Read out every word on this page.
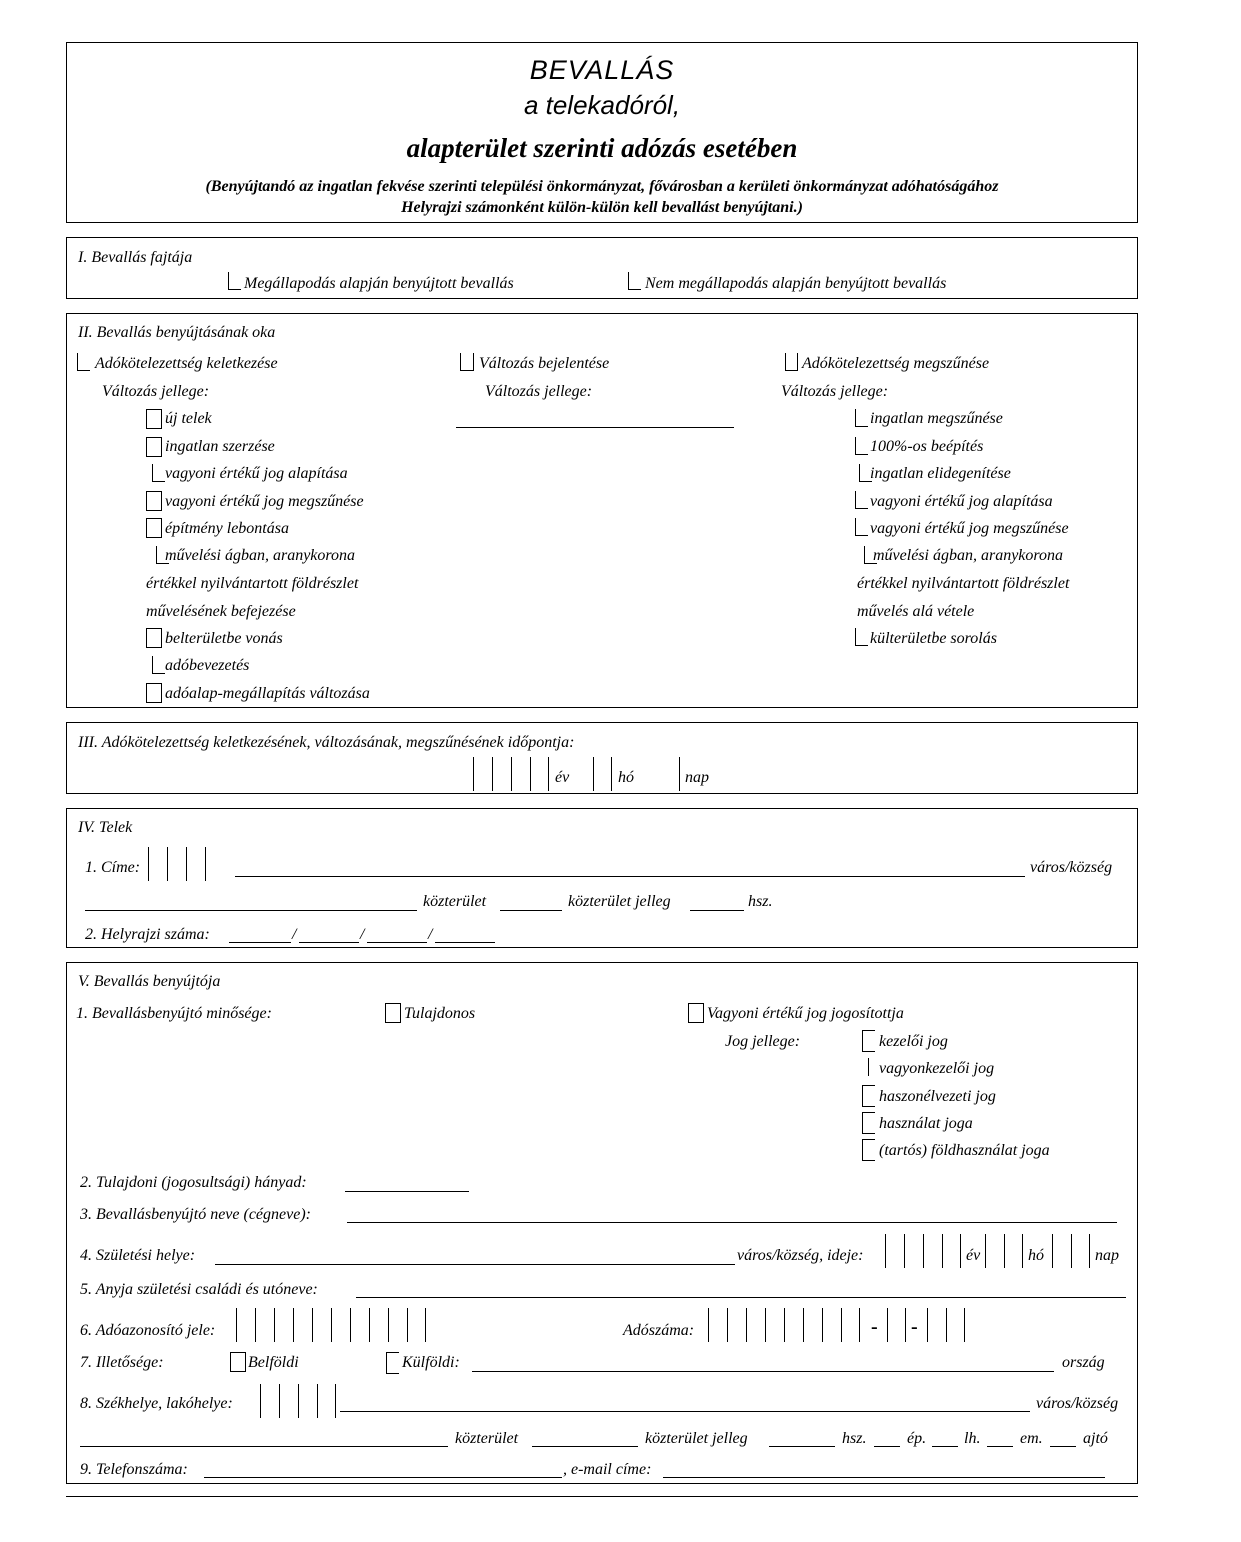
BEVALLÁS
a telekadóról,
alapterület szerinti adózás esetében
(Benyújtandó az ingatlan fekvése szerinti települési önkormányzat, fővárosban a kerületi önkormányzat adóhatóságához
Helyrajzi számonként külön-külön kell bevallást benyújtani.)
I. Bevallás fajtája
Megállapodás alapján benyújtott bevallás	Nem megállapodás alapján benyújtott bevallás
II. Bevallás benyújtásának oka
Adókötelezettség keletkezése	Változás bejelentése	Adókötelezettség megszűnése
Változás jellege:	Változás jellege:	Változás jellege:
új telek
ingatlan szerzése
vagyoni értékű jog alapítása
vagyoni értékű jog megszűnése
építmény lebontása
művelési ágban, aranykorona
értékkel nyilvántartott földrészlet
művelésének befejezése
belterületbe vonás
adóbevezetés
adóalap-megállapítás változása
ingatlan megszűnése
100%-os beépítés
ingatlan elidegenítése
vagyoni értékű jog alapítása
vagyoni értékű jog megszűnése
művelési ágban, aranykorona
értékkel nyilvántartott földrészlet
művelés alá vétele
külterületbe sorolás
III. Adókötelezettség keletkezésének, változásának, megszűnésének időpontja:
év	hó	nap
IV. Telek
1. Címe:	város/község
közterület	közterület jelleg	hsz.
2. Helyrajzi száma:	/	/	/
V. Bevallás benyújtója
1. Bevallásbenyújtó minősége:	Tulajdonos	Vagyoni értékű jog jogosítottja
Jog jellege:	kezelői jog
vagyonkezelői jog
haszonélvezeti jog
használat joga
(tartós) földhasználat joga
2. Tulajdoni (jogosultsági) hányad:
3. Bevallásbenyújtó neve (cégneve):
4. Születési helye:	város/község, ideje:	év	hó	nap
5. Anyja születési családi és utóneve:
6. Adóazonosító jele:	Adószáma:	- -
7. Illetősége:	Belföldi	Külföldi:	ország
8. Székhelye, lakóhelye:	város/község
közterület	közterület jelleg	hsz.	ép. lh. em.	ajtó
9. Telefonszáma:	, e-mail címe:
